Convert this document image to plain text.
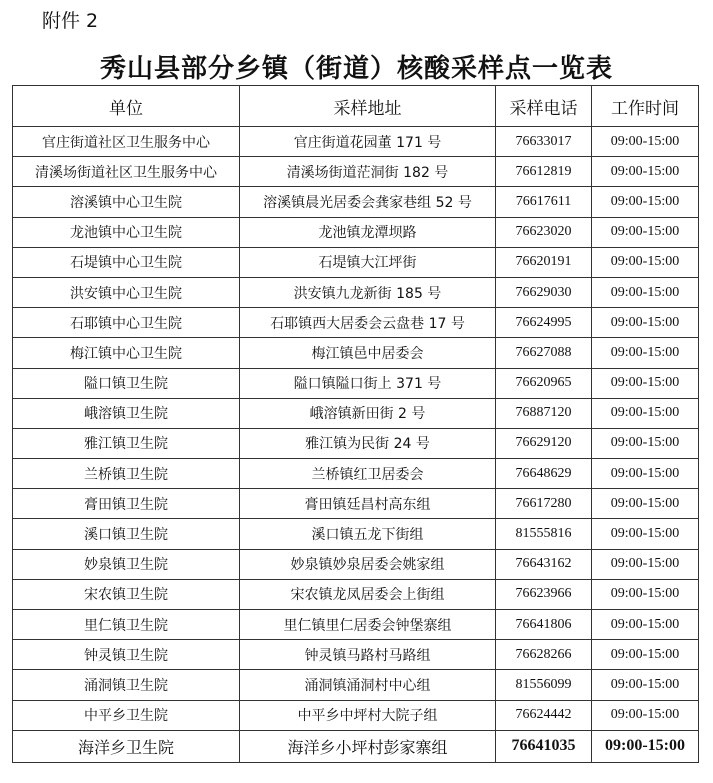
附件 2
秀山县部分乡镇（街道）核酸采样点一览表
单位	采样地址	采样电话	工作时间
官庄街道社区卫生服务中心	官庄街道花园董 171 号	76633017	09:00-15:00
清溪场街道社区卫生服务中心	清溪场街道茫洞街 182 号	76612819	09:00-15:00
溶溪镇中心卫生院	溶溪镇晨光居委会龚家巷组 52 号	76617611	09:00-15:00
龙池镇中心卫生院	龙池镇龙潭坝路	76623020	09:00-15:00
石堤镇中心卫生院	石堤镇大江坪街	76620191	09:00-15:00
洪安镇中心卫生院	洪安镇九龙新街 185 号	76629030	09:00-15:00
石耶镇中心卫生院	石耶镇西大居委会云盘巷 17 号	76624995	09:00-15:00
梅江镇中心卫生院	梅江镇邑中居委会	76627088	09:00-15:00
隘口镇卫生院	隘口镇隘口街上 371 号	76620965	09:00-15:00
峨溶镇卫生院	峨溶镇新田街 2 号	76887120	09:00-15:00
雅江镇卫生院	雅江镇为民街 24 号	76629120	09:00-15:00
兰桥镇卫生院	兰桥镇红卫居委会	76648629	09:00-15:00
膏田镇卫生院	膏田镇廷昌村高东组	76617280	09:00-15:00
溪口镇卫生院	溪口镇五龙下街组	81555816	09:00-15:00
妙泉镇卫生院	妙泉镇妙泉居委会姚家组	76643162	09:00-15:00
宋农镇卫生院	宋农镇龙凤居委会上街组	76623966	09:00-15:00
里仁镇卫生院	里仁镇里仁居委会钟堡寨组	76641806	09:00-15:00
钟灵镇卫生院	钟灵镇马路村马路组	76628266	09:00-15:00
涌洞镇卫生院	涌洞镇涌洞村中心组	81556099	09:00-15:00
中平乡卫生院	中平乡中坪村大院子组	76624442	09:00-15:00
海洋乡卫生院	海洋乡小坪村彭家寨组	76641035	09:00-15:00
